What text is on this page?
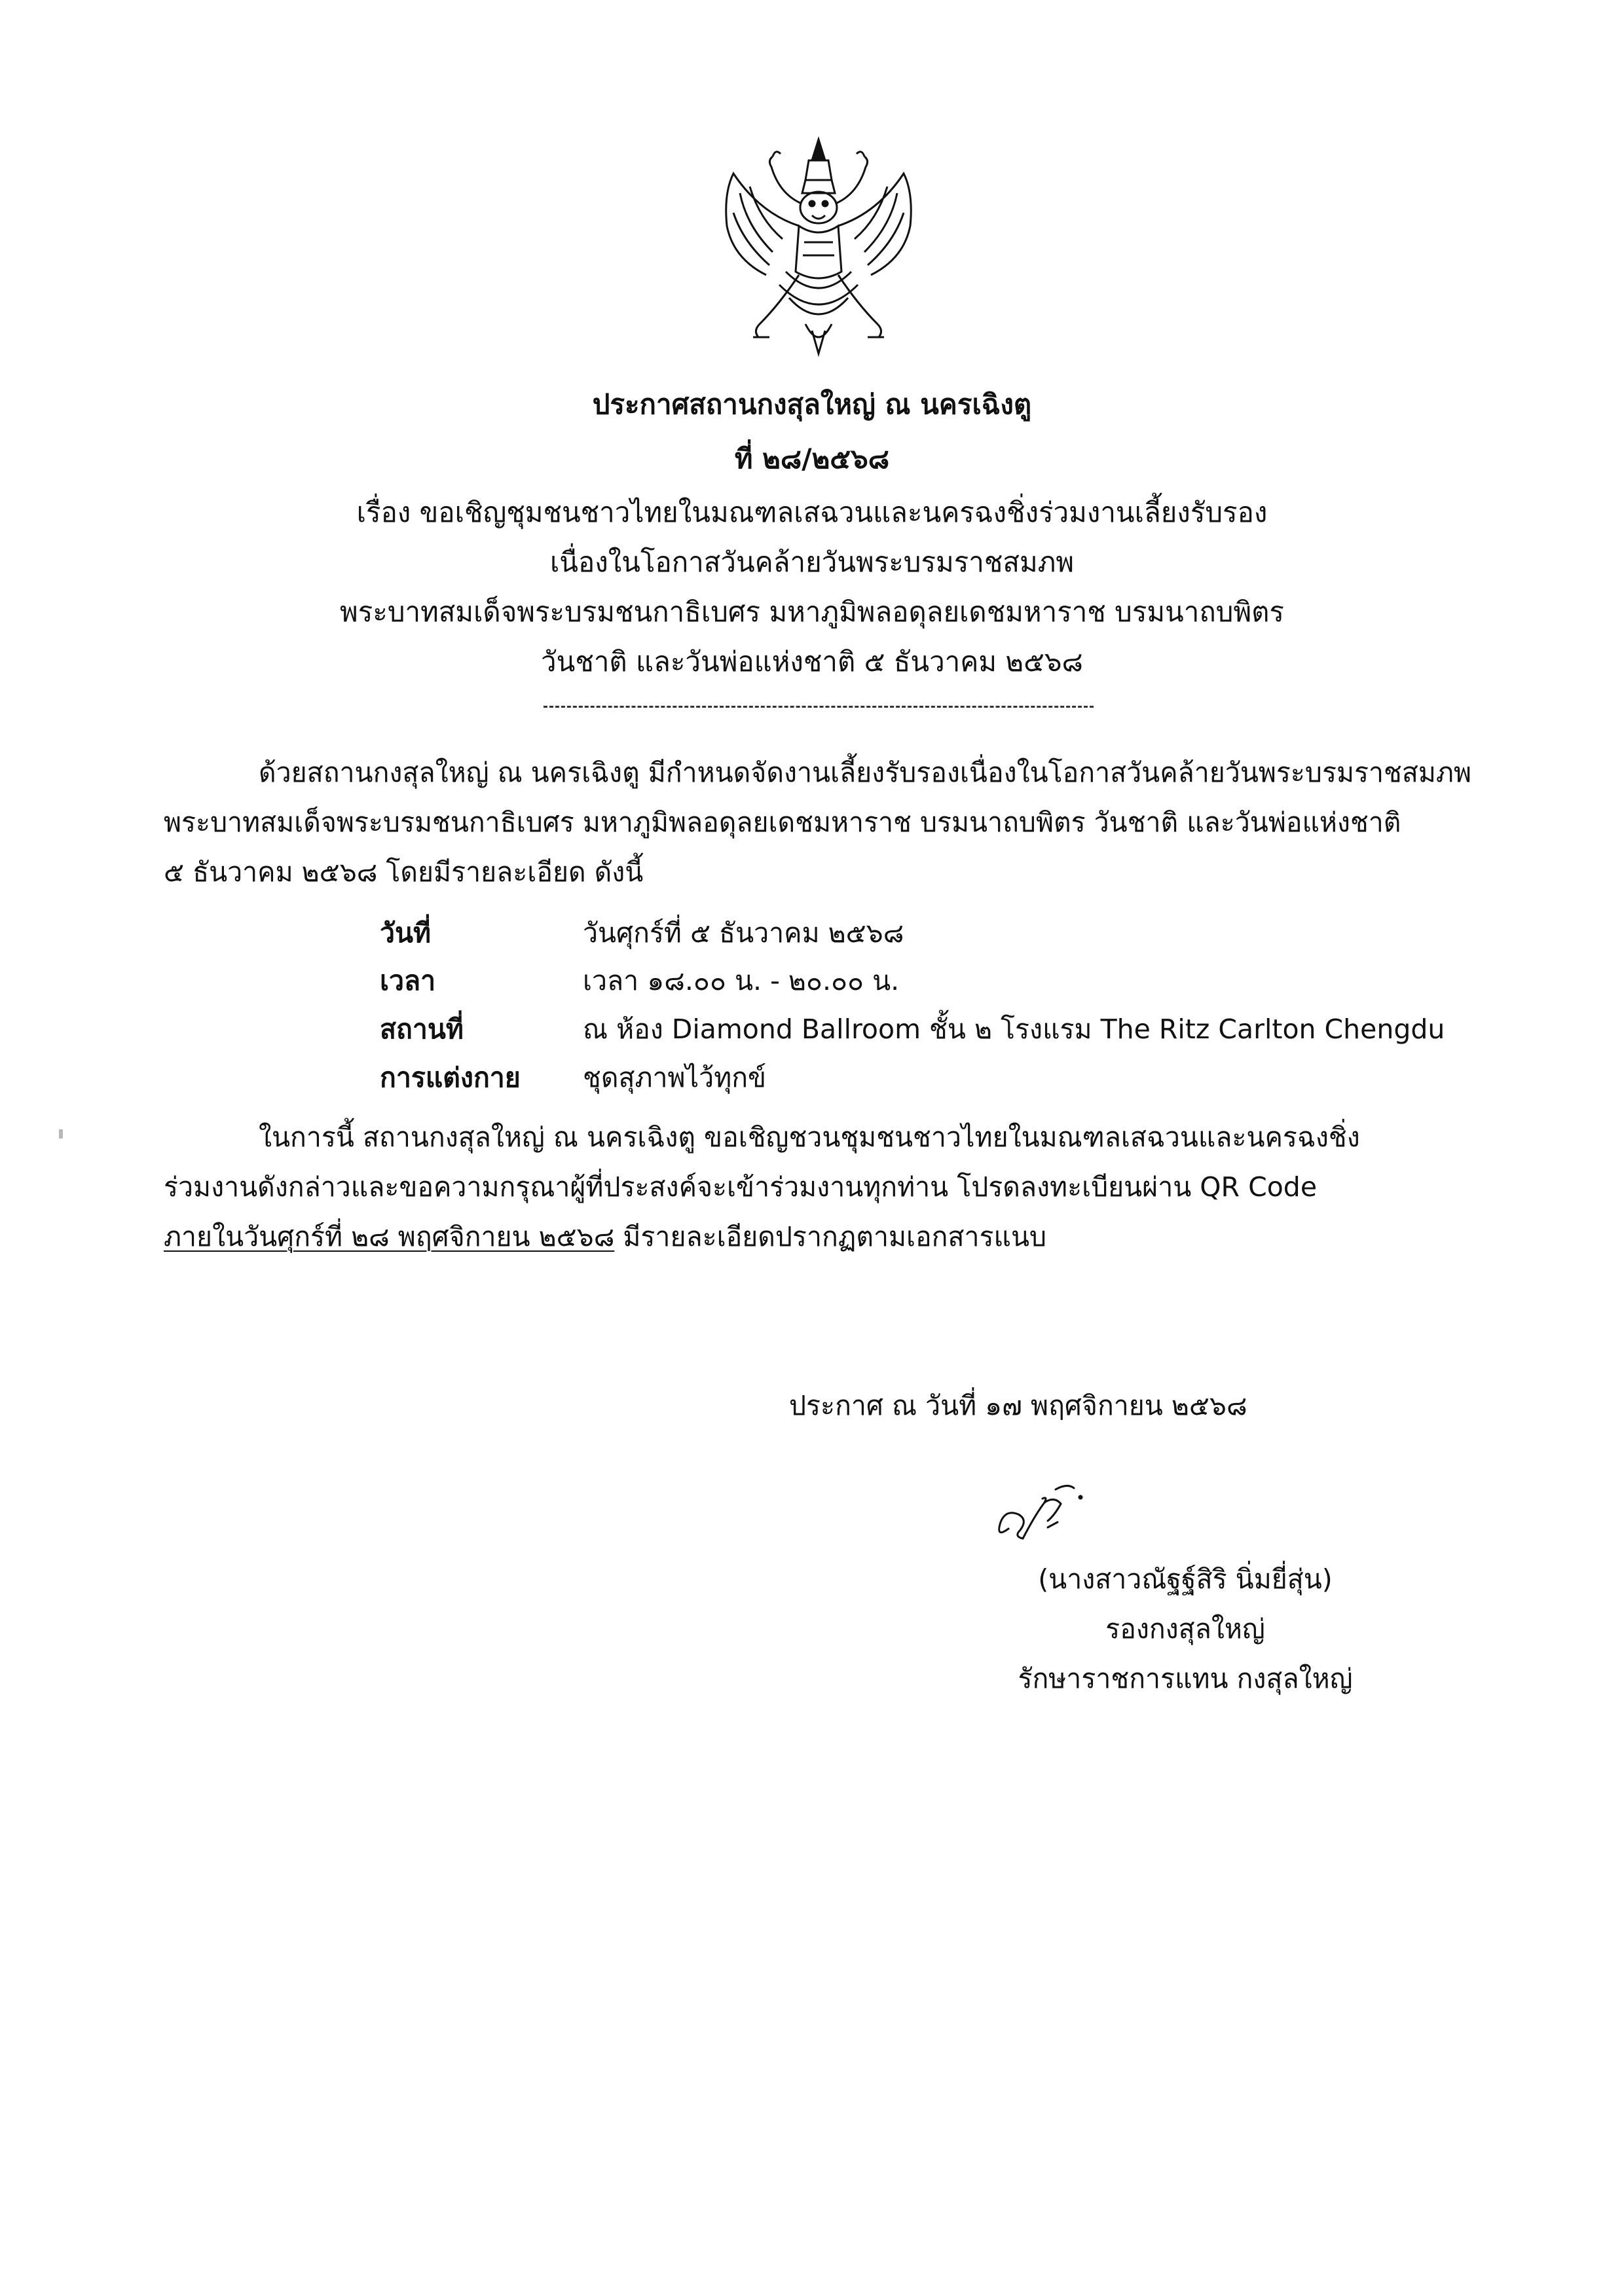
ประกาศสถานกงสุลใหญ่ ณ นครเฉิงตู
ที่ ๒๘/๒๕๖๘
เรื่อง ขอเชิญชุมชนชาวไทยในมณฑลเสฉวนและนครฉงชิ่งร่วมงานเลี้ยงรับรอง
เนื่องในโอกาสวันคล้ายวันพระบรมราชสมภพ
พระบาทสมเด็จพระบรมชนกาธิเบศร มหาภูมิพลอดุลยเดชมหาราช บรมนาถบพิตร
วันชาติ และวันพ่อแห่งชาติ ๕ ธันวาคม ๒๕๖๘
ด้วยสถานกงสุลใหญ่ ณ นครเฉิงตู มีกำหนดจัดงานเลี้ยงรับรองเนื่องในโอกาสวันคล้ายวันพระบรมราชสมภพ
พระบาทสมเด็จพระบรมชนกาธิเบศร มหาภูมิพลอดุลยเดชมหาราช บรมนาถบพิตร วันชาติ และวันพ่อแห่งชาติ
๕ ธันวาคม ๒๕๖๘ โดยมีรายละเอียด ดังนี้
วันที่	วันศุกร์ที่ ๕ ธันวาคม ๒๕๖๘
เวลา	เวลา ๑๘.๐๐ น. - ๒๐.๐๐ น.
สถานที่	ณ ห้อง Diamond Ballroom ชั้น ๒ โรงแรม The Ritz Carlton Chengdu
การแต่งกาย ชุดสุภาพไว้ทุกข์
ในการนี้ สถานกงสุลใหญ่ ณ นครเฉิงตู ขอเชิญชวนชุมชนชาวไทยในมณฑลเสฉวนและนครฉงชิ่ง
ร่วมงานดังกล่าวและขอความกรุณาผู้ที่ประสงค์จะเข้าร่วมงานทุกท่าน โปรดลงทะเบียนผ่าน QR Code
ภายในวันศุกร์ที่ ๒๘ พฤศจิกายน ๒๕๖๘ มีรายละเอียดปรากฏตามเอกสารแนบ
ประกาศ ณ วันที่ ๑๗ พฤศจิกายน ๒๕๖๘
(นางสาวณัฐฐ์สิริ นิ่มยี่สุ่น)
รองกงสุลใหญ่
รักษาราชการแทน กงสุลใหญ่
